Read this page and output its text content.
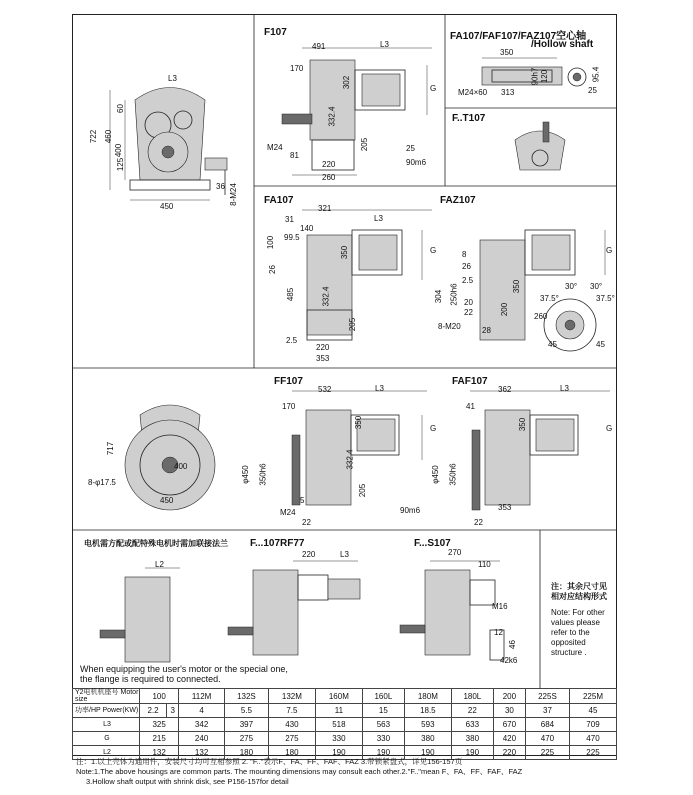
L3
722 460
400
125
450
36 8-M24
F107
491	L3
170
G
M24
81
220
260
205
90m6
332.4
302
25
60
FA107/FAF107/FAZ107空心轴
/Hollow shaft
350
M24×60 313
90h7 120
25
95.4
F..T107
FA107
321
L3
31
140
99.5
100
26
485	332.4
205
220
2.5
353
350	G
FAZ107
8
26
2.5
304 250h6 20
22	200
28
8-M20
350	30° 30°
37.5°	37.5°
260
45	45
G
717
400
8-φ17.5
450
FF107
532	L3
170
350
φ450 350h6
332.4
205
M24
22
90m6
5
G
FAF107
362	L3
41
350
φ450 350h6
353
22
G
电机需方配或配特殊电机时需加联接法兰
L2
F...107RF77
220	L3
F...S107
270
110
M16
12
46
42k6
注：其余尺寸见相对应结构形式
Note: For other values please refer to the opposited structure .
When equipping the user's motor or the special one, the flange is required to connected.
Y2电机机座号 Motor size	100		112M	132S	132M	160M	160L	180M	180L	200	225S	225M
功率/HP Power(KW)	2.2	3	4	5.5	7.5	11	15	18.5	22	30	37	45
L3	325		342	397	430	518	563	593	633	670	684	709
G	215		240	275	275	330	330	380	380	420	470	470
L2	132		132	180	180	190	190	190	190	220	225	225
注：1.以上壳体为通用件，安装尺寸均可互相参照 2. "F.."表示F、FA、FF、FAF、FAZ 3.带锁紧盘式，详见156-157页
Note:1.The above housings are common parts. The mounting dimensions may consult each other.2."F.."mean F、FA、FF、FAF、FAZ
3.Hollow shaft output with shrink disk, see P156-157for detail
